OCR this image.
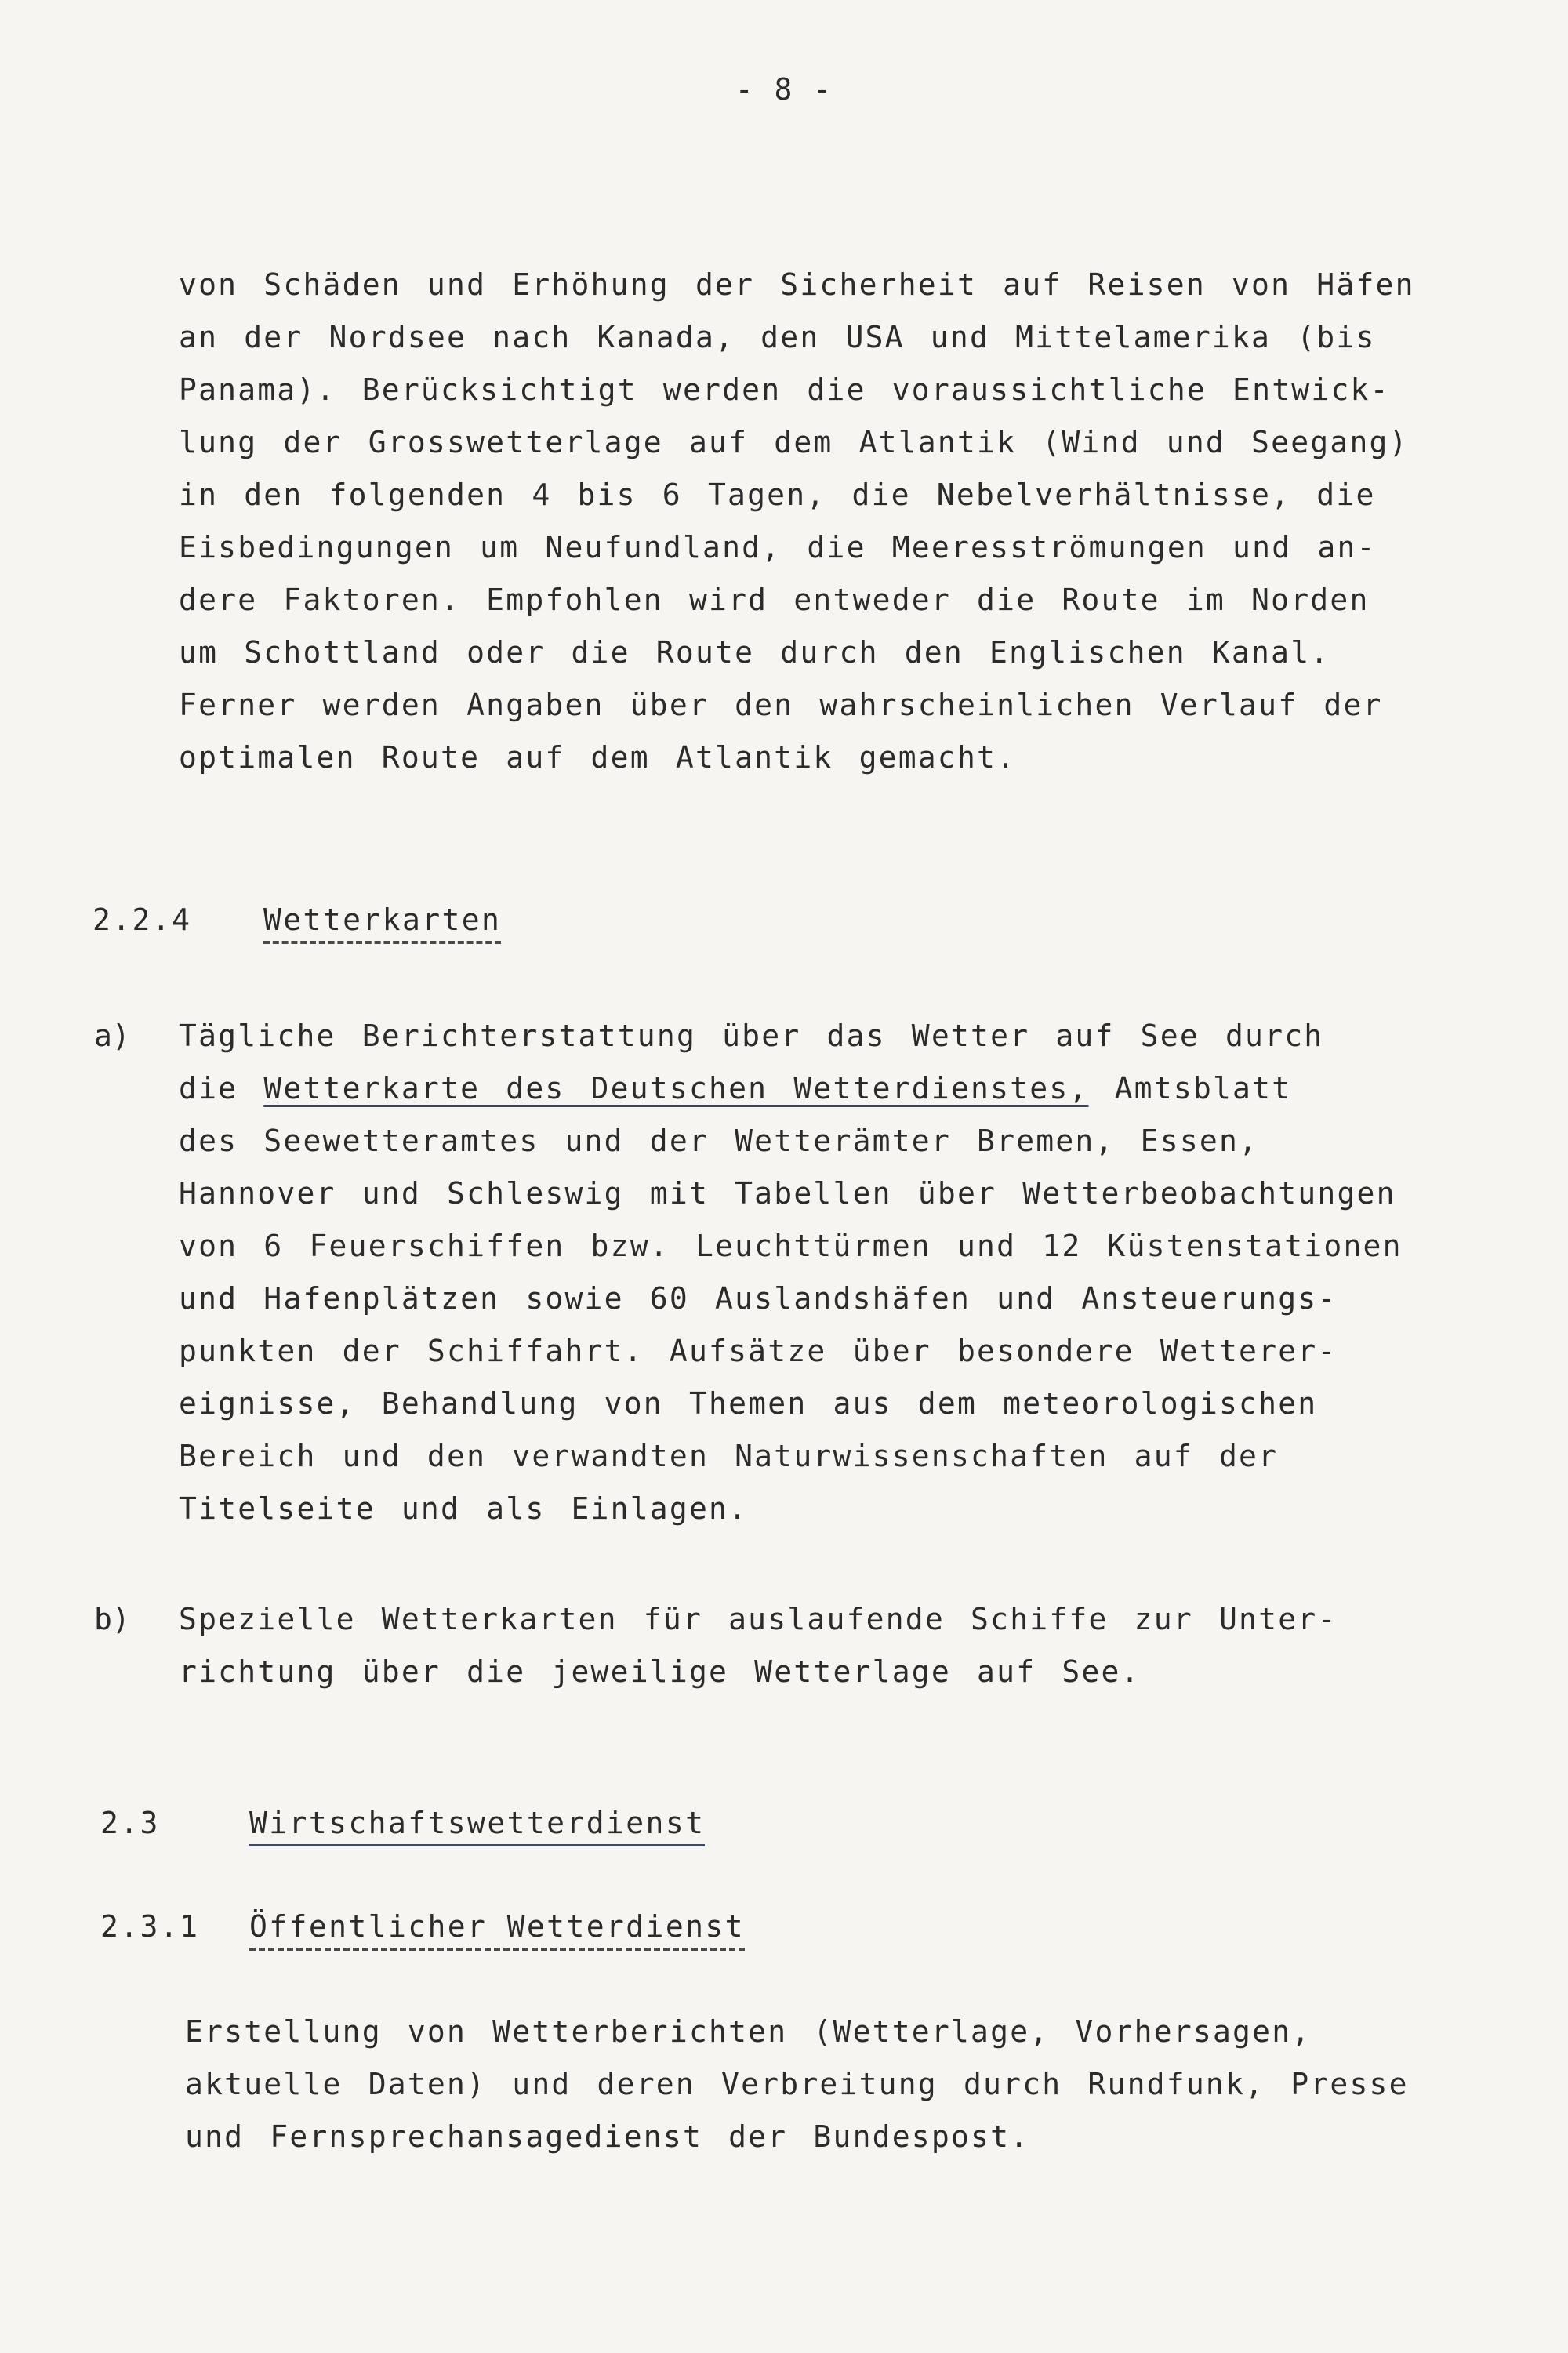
- 8 -
von Schäden und Erhöhung der Sicherheit auf Reisen von Häfen
an der Nordsee nach Kanada, den USA und Mittelamerika (bis
Panama). Berücksichtigt werden die voraussichtliche Entwick-
lung der Grosswetterlage auf dem Atlantik (Wind und Seegang)
in den folgenden 4 bis 6 Tagen, die Nebelverhältnisse, die
Eisbedingungen um Neufundland, die Meeresströmungen und an-
dere Faktoren. Empfohlen wird entweder die Route im Norden
um Schottland oder die Route durch den Englischen Kanal.
Ferner werden Angaben über den wahrscheinlichen Verlauf der
optimalen Route auf dem Atlantik gemacht.
2.2.4 Wetterkarten
a) Tägliche Berichterstattung über das Wetter auf See durch
die Wetterkarte des Deutschen Wetterdienstes, Amtsblatt
des Seewetteramtes und der Wetterämter Bremen, Essen,
Hannover und Schleswig mit Tabellen über Wetterbeobachtungen
von 6 Feuerschiffen bzw. Leuchttürmen und 12 Küstenstationen
und Hafenplätzen sowie 60 Auslandshäfen und Ansteuerungs-
punkten der Schiffahrt. Aufsätze über besondere Wetterer-
eignisse, Behandlung von Themen aus dem meteorologischen
Bereich und den verwandten Naturwissenschaften auf der
Titelseite und als Einlagen.
b) Spezielle Wetterkarten für auslaufende Schiffe zur Unter-
richtung über die jeweilige Wetterlage auf See.
2.3	Wirtschaftswetterdienst
2.3.1 Öffentlicher Wetterdienst
Erstellung von Wetterberichten (Wetterlage, Vorhersagen,
aktuelle Daten) und deren Verbreitung durch Rundfunk, Presse
und Fernsprechansagedienst der Bundespost.
